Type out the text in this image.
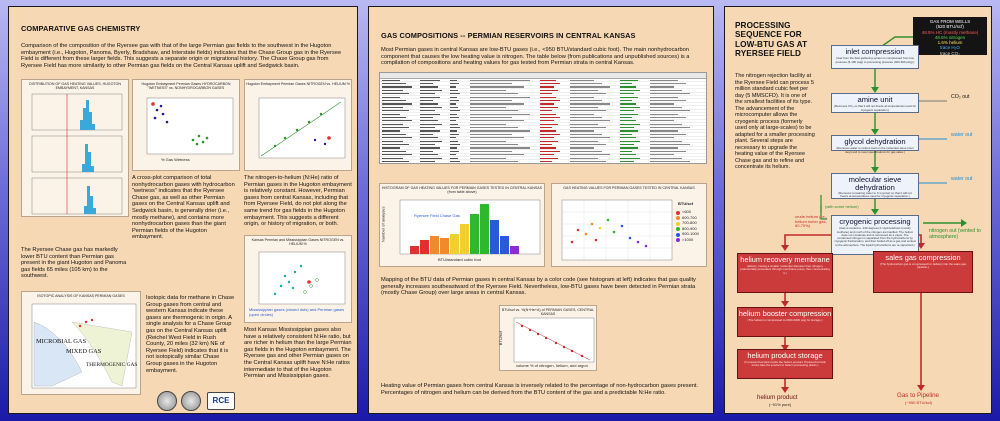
COMPARATIVE GAS CHEMISTRY
Comparison of the composition of the Ryersee gas with that of the large Permian gas fields to the southwest in the Hugoton embayment (i.e., Hugoton, Panoma, Byerly, Bradshaw, and Interstate fields) indicates that the Chase Group gas in the Ryersee Field is different from these larger fields. This suggests a separate origin or migrational history. The Chase Group gas from Ryersee Field has more similarity to other Permian gas fields on the Central Kansas uplift and Sedgwick basin.
DISTRIBUTION OF GAS HEATING VALUES, HUGOTON EMBAYMENT, KANSAS
Hugoton Embayment Permian Gases HYDROCARBON "WETNESS" vs. NONHYDROCARBON GASES
% Gas Wetness
Hugoton Embayment Permian Gases NITROGEN vs. HELIUM %
A cross-plot comparison of total nonhydrocarbon gases with hydrocarbon "wetness" indicates that the Ryersee Chase gas, as well as other Permian gases on the Central Kansas uplift and Sedgwick basin, is generally drier (i.e., mostly methane), and contains more nonhydrocarbon gases than the giant Permian fields of the Hugoton embayment.
The nitrogen-to-helium (N:He) ratio of Permian gases in the Hugoton embayment is relatively constant. However, Permian gases from central Kansas, including that from Ryersee Field, do not plot along the same trend for gas fields in the Hugoton embayment. This suggests a different origin, or history of migration, or both.
Kansas Permian and Mississippian Gases NITROGEN vs. HELIUM %
Mississippian gases (closed dots) and Permian gases (open circles)
The Ryersee Chase gas has markedly lower BTU content than Permian gas present in the giant Hugoton and Panoma gas fields 65 miles (105 km) to the southwest.
ISOTOPIC ANALYSIS OF KANSAS PERMIAN GASES
MICROBIAL GAS
MIXED GAS
THERMOGENIC GAS
Isotopic data for methane in Chase Group gases from central and western Kansas indicate these gases are thermogenic in origin. A single analysis for a Chase Group gas on the Central Kansas uplift (Reichel West Field in Rush County, 20 miles (32 km) NE of Ryersee Field) indicates that it is not isotopically similar Chase Group gases in the Hugoton embayment.
Most Kansas Mississippian gases also have a relatively consistent N:He ratio, but are richer in helium than the large Permian gas fields in the Hugoton embayment. The Ryersee gas and other Permian gases on the Central Kansas uplift have N:He ratios intermediate to that of the Hugoton Permian and Mississippian gases.
RCE
GAS COMPOSITIONS -- PERMIAN RESERVOIRS IN CENTRAL KANSAS
Most Permian gases in central Kansas are low-BTU gases (i.e., <950 BTU/standard cubic foot). The main nonhydrocarbon component that causes the low heating value is nitrogen. The table below (from publications and unpublished sources) is a compilation of compositions and heating values for gas tested from Permian strata in central Kansas.
HISTOGRAM OF GAS HEATING VALUES FOR PERMIAN GASES TESTED IN CENTRAL KANSAS (from table above)
BTU/standard cubic foot
Number of analyses	Ryersee Field Chase Gas
GAS HEATING VALUES FOR PERMIAN GASES TESTED IN CENTRAL KANSAS
BTU/scf
<600
600-700
700-800
800-900
900-1000
>1000
Mapping of the BTU data of Permian gases in central Kansas by a color code (see histogram at left) indicates that gas quality generally increases southeastward of the Ryersee Field. Nevertheless, low-BTU gases have been detected in Permian strata (mostly Chase Group) over large areas in central Kansas.
BTU/scf vs. %(N+He+A) of PERMIAN GASES, CENTRAL KANSAS
volume % of nitrogen, helium, and argon
BTU/scf
Heating value of Permian gases from central Kansas is inversely related to the percentage of non-hydrocarbon gases present. Percentages of nitrogen and helium can be derived from the BTU content of the gas and a predictable N:He ratio.
PROCESSING SEQUENCE FOR LOW-BTU GAS AT RYERSEE FIELD
The nitrogen rejection facility at the Ryersee Field can process 5 million standard cubic feet per day (5 MMSCFD). It is one of the smallest facilities of its type. The advancement of the microcomputer allows the cryogenic process (formerly used only at large-scales) to be adapted for a smaller processing plant. Several steps are necessary to upgrade the heating value of the Ryersee Chase gas and to refine and concentrate its helium.
GAS FROM WELLS
(520 BTU/scf)
48.5% HC (mostly methane)
48.6% nitrogen
1.6% helium
trace H₂O
trace CO₂
inlet compression
(Gas from the field gathering system is compressed from low pressure (5-100 psig) to processing pressure (400-600 psig).)
amine unit
(Removes CO₂ so that it will not freeze at temperatures used for cryogenic separation.)
glycol dehydration
(Removes water to reduce load on the molecular sieve (next step) and to meet specifications for gas sales.)
molecular sieve dehydration
(Removes remaining water to 0.1 ppmw) so that it will not freeze at temperatures used for cryogenic separation.)
cryogenic processing
(Gas is cooled to -310 degrees F. Hydrocarbons (mostly methane) and much of the nitrogen are liquified. The helium does not condense and is recovered as a vapor. The condensed nitrogen is separated from the hydrocarbons by cryogenic fractionation, and then boiled off as a gas and vented to the atmosphere. The liquid hydrocarbons are re-vaporized.)
CO₂ out
water out
water out
nitrogen out (vented to atmosphere)
(with some helium)
crude helium (i.e., helium richer gas, 60-70%)
helium recovery membrane
(Helium, having a smaller molecular diameter than nitrogen, preferentially permeates through membrane pores, thus concentrating it.)
helium booster compression
(The helium is compressed to 2000-3000 psig for storage.)
helium product storage
(In pressurized tank trucks the helium product. Pressurized tank trucks take the product to helium processing plants.)
sales gas compression
(The hydrocarbon gas is compressed for delivery into the sales gas pipeline.)
helium product
(~91% pure)
Gas to Pipeline
(~950 BTU/scf)
